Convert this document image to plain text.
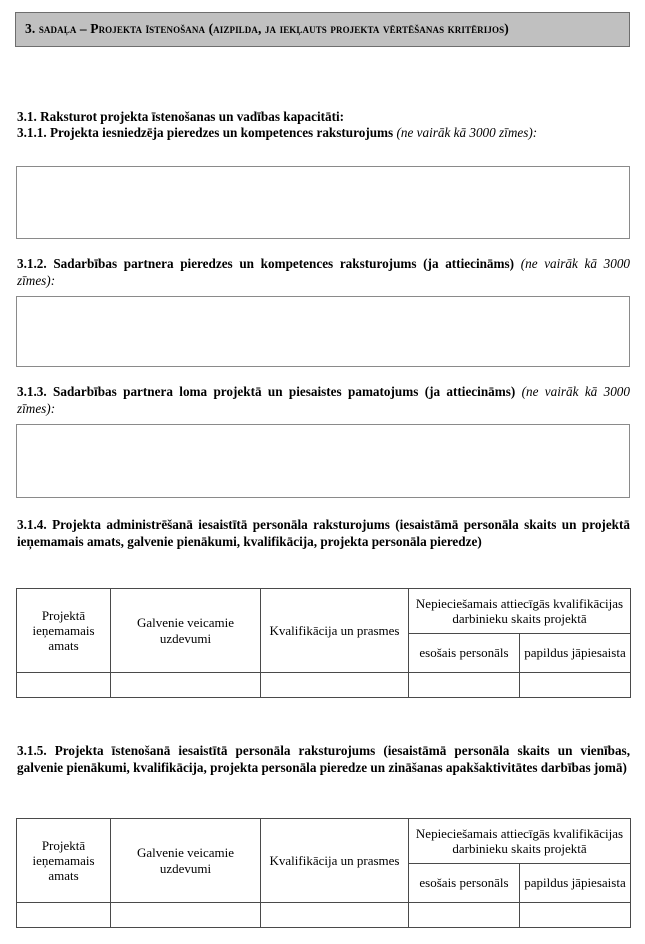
3. sadaļa – Projekta īstenošana (aizpilda, ja iekļauts projekta vērtēšanas kritērijos)
3.1. Raksturot projekta īstenošanas un vadības kapacitāti:
3.1.1. Projekta iesniedzēja pieredzes un kompetences raksturojums (ne vairāk kā 3000 zīmes):
3.1.2. Sadarbības partnera pieredzes un kompetences raksturojums (ja attiecināms) (ne vairāk kā 3000 zīmes):
3.1.3. Sadarbības partnera loma projektā un piesaistes pamatojums (ja attiecināms) (ne vairāk kā 3000 zīmes):
3.1.4. Projekta administrēšanā iesaistītā personāla raksturojums (iesaistāmā personāla skaits un projektā ieņemamais amats, galvenie pienākumi, kvalifikācija, projekta personāla pieredze)
Projektā ieņemamais amats	Galvenie veicamie uzdevumi	Kvalifikācija un prasmes	Nepieciešamais attiecīgās kvalifikācijas darbinieku skaits projektā	
			esošais personāls	papildus jāpiesaista

3.1.5. Projekta īstenošanā iesaistītā personāla raksturojums (iesaistāmā personāla skaits un vienības, galvenie pienākumi, kvalifikācija, projekta personāla pieredze un zināšanas apakšaktivitātes darbības jomā)
Projektā ieņemamais amats	Galvenie veicamie uzdevumi	Kvalifikācija un prasmes	Nepieciešamais attiecīgās kvalifikācijas darbinieku skaits projektā	
			esošais personāls	papildus jāpiesaista
